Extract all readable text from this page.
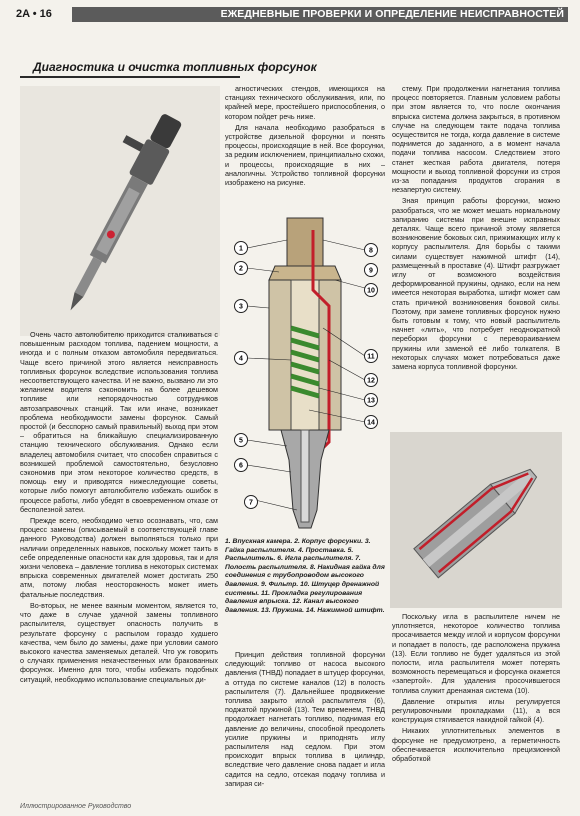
2A • 16	ЕЖЕДНЕВНЫЕ ПРОВЕРКИ И ОПРЕДЕЛЕНИЕ НЕИСПРАВНОСТЕЙ
Диагностика и очистка топливных форсунок

Очень часто автолюбителю приходится сталкиваться с повышенным расходом топлива, падением мощности, а иногда и с полным отказом автомобиля передвигаться. Чаще всего причиной этого является неисправность топливных форсунок вследствие использования топлива несоответствующего качества. И не важно, вызвано ли это желанием водителя сэкономить на более дешевом топливе или непорядочностью сотрудников автозаправочных станций. Так или иначе, возникает проблема необходимости замены форсунок. Самый простой (и бесспорно самый правильный) выход при этом – обратиться на ближайшую специализированную станцию технического обслуживания. Однако если владелец автомобиля считает, что способен справиться с возникшей проблемой самостоятельно, безусловно сэкономив при этом некоторое количество средств, в помощь ему и приводятся нижеследующие советы, которые либо помогут автолюбителю избежать ошибок в процессе работы, либо убедят в своевременном отказе от бесполезной затеи.

Прежде всего, необходимо четко осознавать, что, сам процесс замены (описываемый в соответствующей главе данного Руководства) должен выполняться только при наличии определенных навыков, поскольку может таить в себе определенные опасности как для здоровья, так и для жизни человека – давление топлива в некоторых системах впрыска современных двигателей может достигать 250 атм, потому любая неосторожность может иметь фатальные последствия.

Во-вторых, не менее важным моментом, является то, что даже в случае удачной замены топливного распылителя, существует опасность получить в результате форсунку с распылом гораздо худшего качества, чем было до замены, даже при условии самого высокого качества заменяемых деталей. Что уж говорить о случаях применения некачественных или бракованных форсунок. Именно для того, чтобы избежать подобных ситуаций, необходимо использование специальных ди-

агностических стендов, имеющихся на станциях технического обслуживания, или, по крайней мере, простейшего приспособления, о котором пойдет речь ниже.

Для начала необходимо разобраться в устройстве дизельной форсунки и понять процессы, происходящие в ней. Все форсунки, за редким исключением, принципиально схожи, и процессы, происходящие в них – аналогичны. Устройство топливной форсунки изображено на рисунке.

1
2
3
4
5
6
7
8
9
10
11
12
13
14
1. Впускная камера. 2. Корпус форсунки. 3. Гайка распылителя. 4. Проставка. 5. Распылитель. 6. Игла распылителя. 7. Полость распылителя. 8. Накидная гайка для соединения с трубопроводом высокого давления. 9. Фильтр. 10. Штуцер дренажной системы. 11. Прокладка регулирования давления впрыска. 12. Канал высокого давления. 13. Пружина. 14. Нажимной штифт.

Принцип действия топливной форсунки следующий: топливо от насоса высокого давления (ТНВД) попадает в штуцер форсунки, а оттуда по системе каналов (12) в полость распылителя (7). Дальнейшее продвижение топлива закрыто иглой распылителя (6), поджатой пружиной (13). Тем временем, ТНВД продолжает нагнетать топливо, поднимая его давление до величины, способной преодолеть усилие пружины и приподнять иглу распылителя над седлом. При этом происходит впрыск топлива в цилиндр, вследствие чего давление снова падает и игла садится на седло, отсекая подачу топлива и запирая си-

стему. При продолжении нагнетания топлива процесс повторяется. Главным условием работы при этом является то, что после окончания впрыска система должна закрыться, в противном случае на следующем такте подача топлива осуществится не тогда, когда давление в системе поднимется до заданного, а в момент начала подачи топлива насосом. Следствием этого станет жесткая работа двигателя, потеря мощности и выход топливной форсунки из строя из-за попадания продуктов сгорания в незапертую систему.

Зная принцип работы форсунки, можно разобраться, что же может мешать нормальному запиранию системы при внешне исправных деталях. Чаще всего причиной этому является возникновение боковых сил, прижимающих иглу к корпусу распылителя. Для борьбы с такими силами существует нажимной штифт (14), размещенный в проставке (4). Штифт разгружает иглу от возможного воздействия деформированной пружины, однако, если на нем имеется некоторая выработка, штифт может сам стать причиной возникновения боковой силы. Поэтому, при замене топливных форсунок нужно быть готовым к тому, что новый распылитель начнет «лить», что потребует неоднократной переборки форсунки с перевораиванием пружины или заменой её либо толкателя. В некоторых случаях может потребоваться даже замена корпуса топливной форсунки.

Поскольку игла в распылителе ничем не уплотняется, некоторое количество топлива просачивается между иглой и корпусом форсунки и попадает в полость, где расположена пружина (13). Если топливо не будет удаляться из этой полости, игла распылителя может потерять возможность перемещаться и форсунка окажется «запертой». Для удаления просочившегося топлива служит дренажная система (10).

Давление открытия иглы регулируется регулировочными прокладками (11), а вся конструкция стягивается накидной гайкой (4).

Никаких уплотнительных элементов в форсунке не предусмотрено, а герметичность обеспечивается исключительно прецизионной обработкой

Иллюстрированное Руководство
